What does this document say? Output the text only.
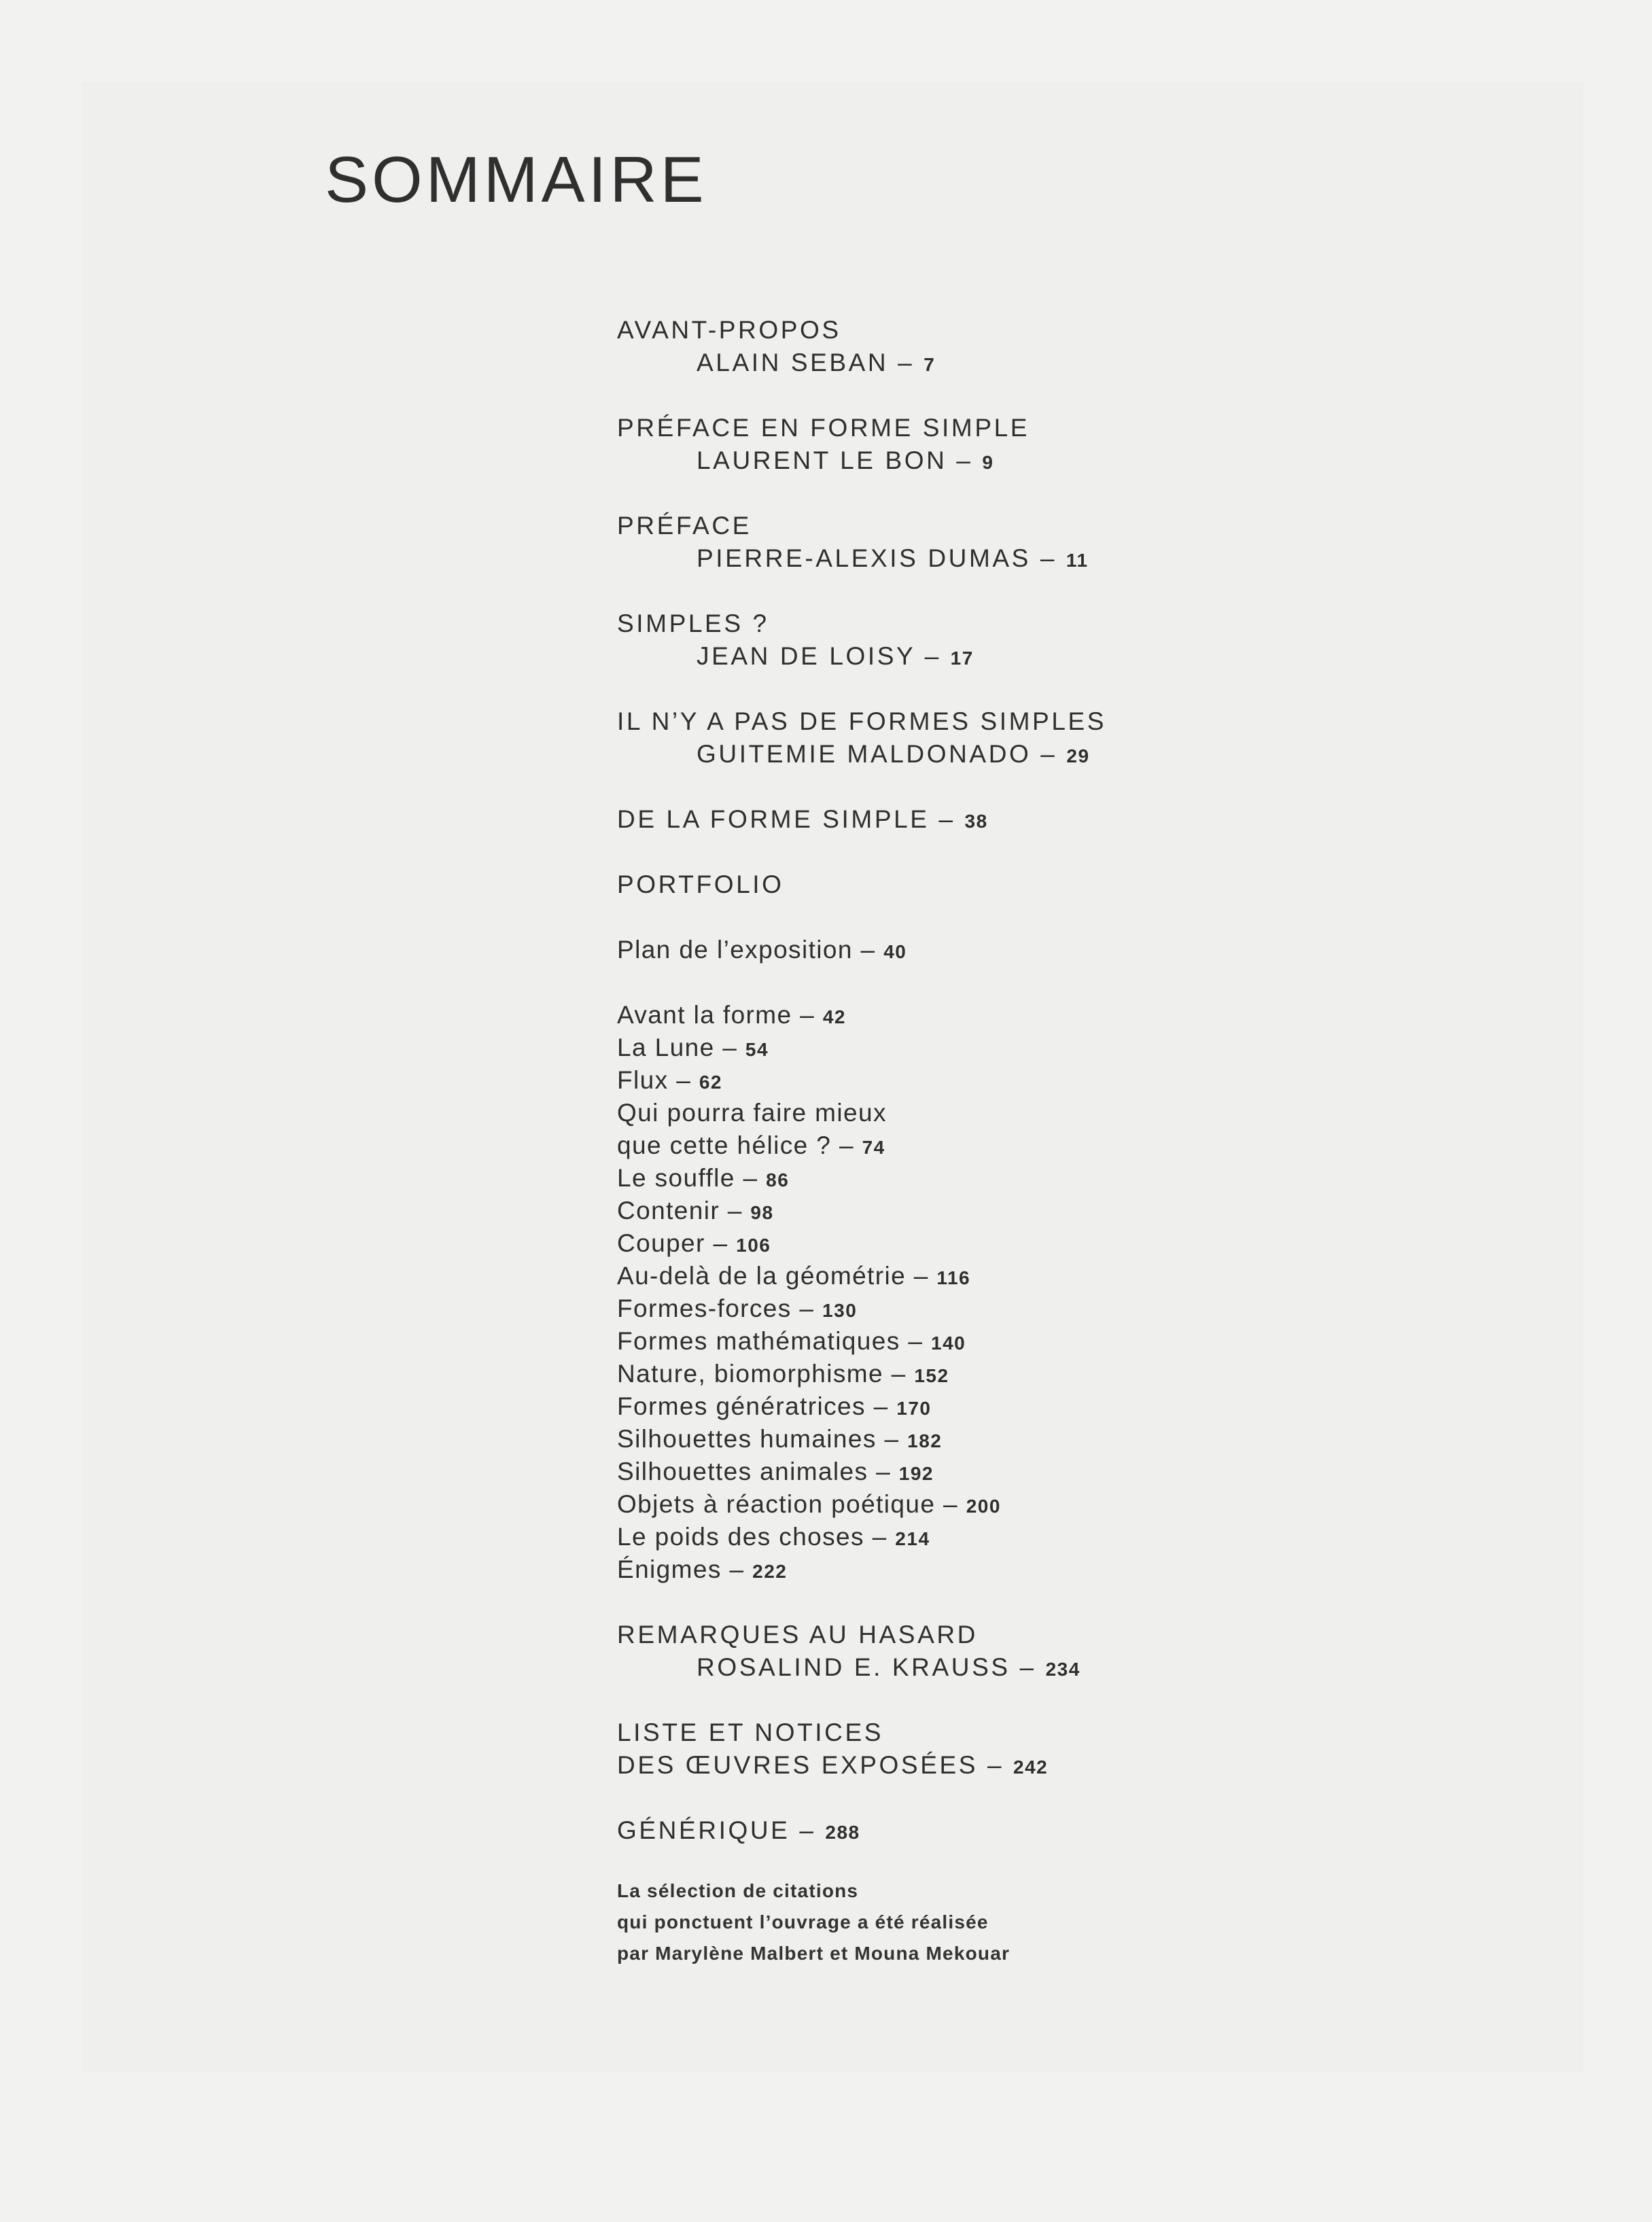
SOMMAIRE
AVANT-PROPOS
ALAIN SEBAN – 7
PRÉFACE EN FORME SIMPLE
LAURENT LE BON – 9
PRÉFACE
PIERRE-ALEXIS DUMAS – 11
SIMPLES ?
JEAN DE LOISY – 17
IL N’Y A PAS DE FORMES SIMPLES
GUITEMIE MALDONADO – 29
DE LA FORME SIMPLE – 38
PORTFOLIO
Plan de l’exposition – 40
Avant la forme – 42
La Lune – 54
Flux – 62
Qui pourra faire mieux
que cette hélice ? – 74
Le souffle – 86
Contenir – 98
Couper – 106
Au-delà de la géométrie – 116
Formes-forces – 130
Formes mathématiques – 140
Nature, biomorphisme – 152
Formes génératrices – 170
Silhouettes humaines – 182
Silhouettes animales – 192
Objets à réaction poétique – 200
Le poids des choses – 214
Énigmes – 222
REMARQUES AU HASARD
ROSALIND E. KRAUSS – 234
LISTE ET NOTICES
DES ŒUVRES EXPOSÉES – 242
GÉNÉRIQUE – 288
La sélection de citations
qui ponctuent l’ouvrage a été réalisée
par Marylène Malbert et Mouna Mekouar
